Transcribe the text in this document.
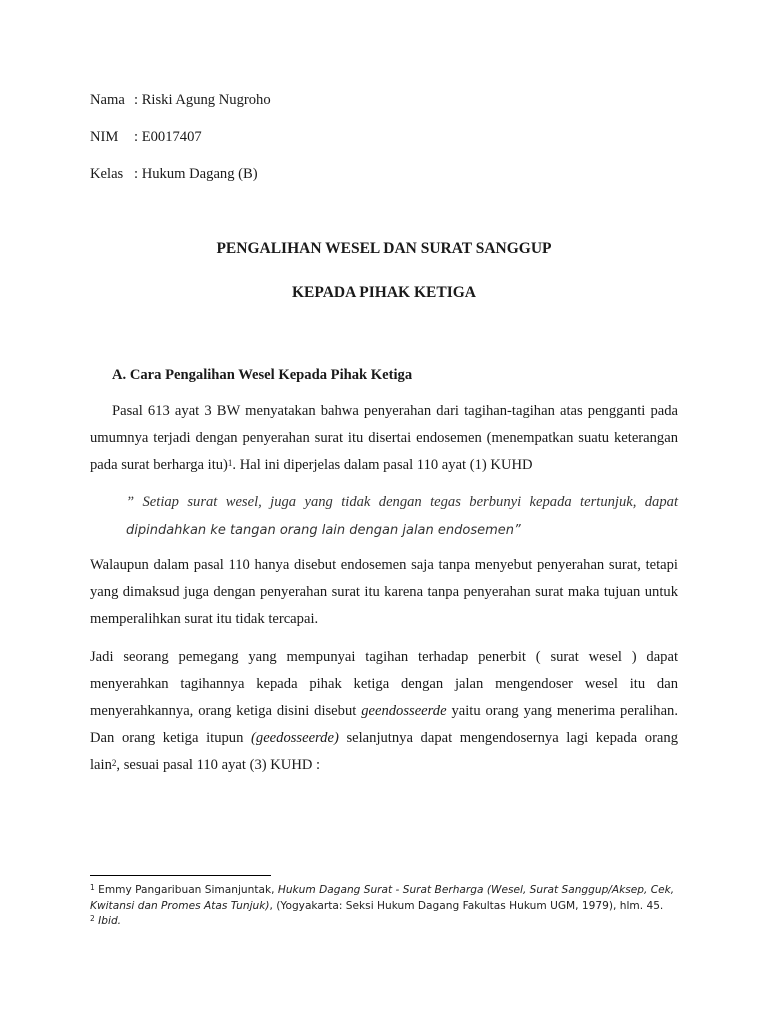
Nama : Riski Agung Nugroho
NIM : E0017407
Kelas : Hukum Dagang (B)
PENGALIHAN WESEL DAN SURAT SANGGUP
KEPADA PIHAK KETIGA
A. Cara Pengalihan Wesel Kepada Pihak Ketiga
Pasal 613 ayat 3 BW menyatakan bahwa penyerahan dari tagihan-tagihan atas pengganti pada
umumnya terjadi dengan penyerahan surat itu disertai endosemen (menempatkan suatu keterangan
pada surat berharga itu)$^1$. Hal ini diperjelas dalam pasal 110 ayat (1) KUHD
” Setiap surat wesel, juga yang tidak dengan tegas berbunyi kepada tertunjuk, dapat
dipindahkan ke tangan orang lain dengan jalan endosemen”
Walaupun dalam pasal 110 hanya disebut endosemen saja tanpa menyebut penyerahan surat, tetapi
yang dimaksud juga dengan penyerahan surat itu karena tanpa penyerahan surat maka tujuan untuk
memperalihkan surat itu tidak tercapai.
Jadi seorang pemegang yang mempunyai tagihan terhadap penerbit ( surat wesel ) dapat
menyerahkan tagihannya kepada pihak ketiga dengan jalan mengendoser wesel itu dan
menyerahkannya, orang ketiga disini disebut geendosseerde yaitu orang yang menerima peralihan.
Dan orang ketiga itupun (geedosseerde) selanjutnya dapat mengendosernya lagi kepada orang
lain$^2$, sesuai pasal 110 ayat (3) KUHD :
$^1$ Emmy Pangaribuan Simanjuntak, Hukum Dagang Surat - Surat Berharga (Wesel, Surat Sanggup/Aksep, Cek,
Kwitansi dan Promes Atas Tunjuk), (Yogyakarta: Seksi Hukum Dagang Fakultas Hukum UGM, 1979), hlm. 45.
$^2$ Ibid.
